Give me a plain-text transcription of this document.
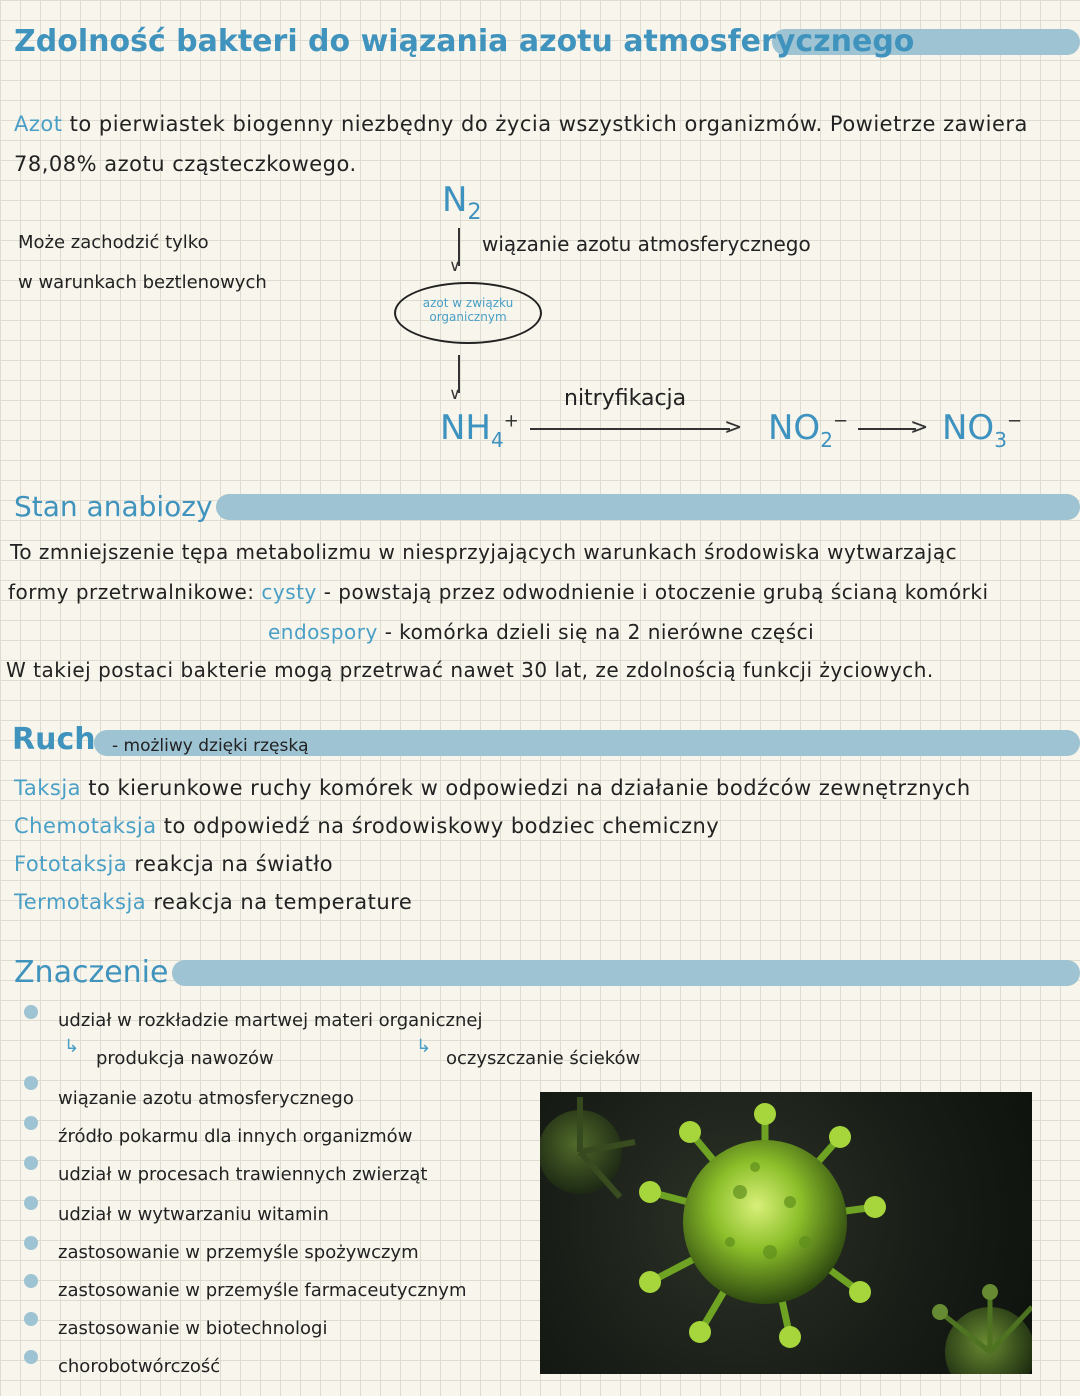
Zdolność bakteri do wiązania azotu atmosferycznego
Azot to pierwiastek biogenny niezbędny do życia wszystkich organizmów. Powietrze zawiera
78,08% azotu cząsteczkowego.
Może zachodzić tylko
w warunkach beztlenowych
$N_2$
∨
wiązanie azotu atmosferycznego
azot w związku
organicznym
∨
$NH_4^+$
nitryfikacja
> $NO_2^-$	> $NO_3^-$
Stan anabiozy
To zmniejszenie tępa metabolizmu w niesprzyjających warunkach środowiska wytwarzając
formy przetrwalnikowe: cysty - powstają przez odwodnienie i otoczenie grubą ścianą komórki
endospory - komórka dzieli się na 2 nierówne części
W takiej postaci bakterie mogą przetrwać nawet 30 lat, ze zdolnością funkcji życiowych.
Ruch - możliwy dzięki rzęską
Taksja to kierunkowe ruchy komórek w odpowiedzi na działanie bodźców zewnętrznych
Chemotaksja to odpowiedź na środowiskowy bodziec chemiczny
Fototaksja reakcja na światło
Termotaksja reakcja na temperature
Znaczenie
udział w rozkładzie martwej materi organicznej
↳
produkcja nawozów
↳
oczyszczanie ścieków
wiązanie azotu atmosferycznego
źródło pokarmu dla innych organizmów
udział w procesach trawiennych zwierząt
udział w wytwarzaniu witamin
zastosowanie w przemyśle spożywczym
zastosowanie w przemyśle farmaceutycznym
zastosowanie w biotechnologi
chorobotwórczość
